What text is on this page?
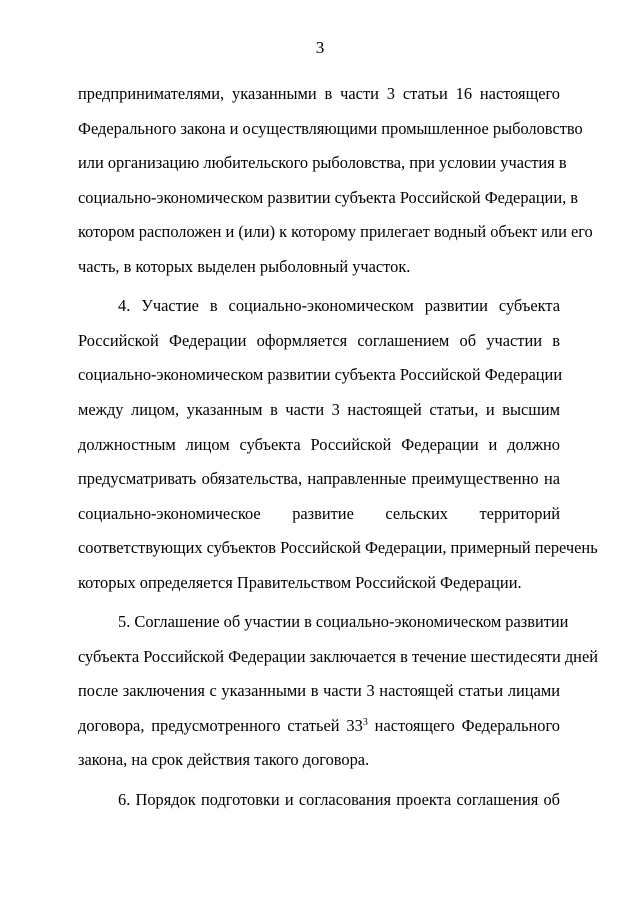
3
предпринимателями, указанными в части 3 статьи 16 настоящего
Федерального закона и осуществляющими промышленное рыболовство
или организацию любительского рыболовства, при условии участия в
социально-экономическом развитии субъекта Российской Федерации, в
котором расположен и (или) к которому прилегает водный объект или его
часть, в которых выделен рыболовный участок.
4. Участие в социально-экономическом развитии субъекта
Российской Федерации оформляется соглашением об участии в
социально-экономическом развитии субъекта Российской Федерации
между лицом, указанным в части 3 настоящей статьи, и высшим
должностным лицом субъекта Российской Федерации и должно
предусматривать обязательства, направленные преимущественно на
социально-экономическое развитие сельских территорий
соответствующих субъектов Российской Федерации, примерный перечень
которых определяется Правительством Российской Федерации.
5. Соглашение об участии в социально-экономическом развитии
субъекта Российской Федерации заключается в течение шестидесяти дней
после заключения с указанными в части 3 настоящей статьи лицами
договора, предусмотренного статьей $33^3$ настоящего Федерального
закона, на срок действия такого договора.
6. Порядок подготовки и согласования проекта соглашения об
